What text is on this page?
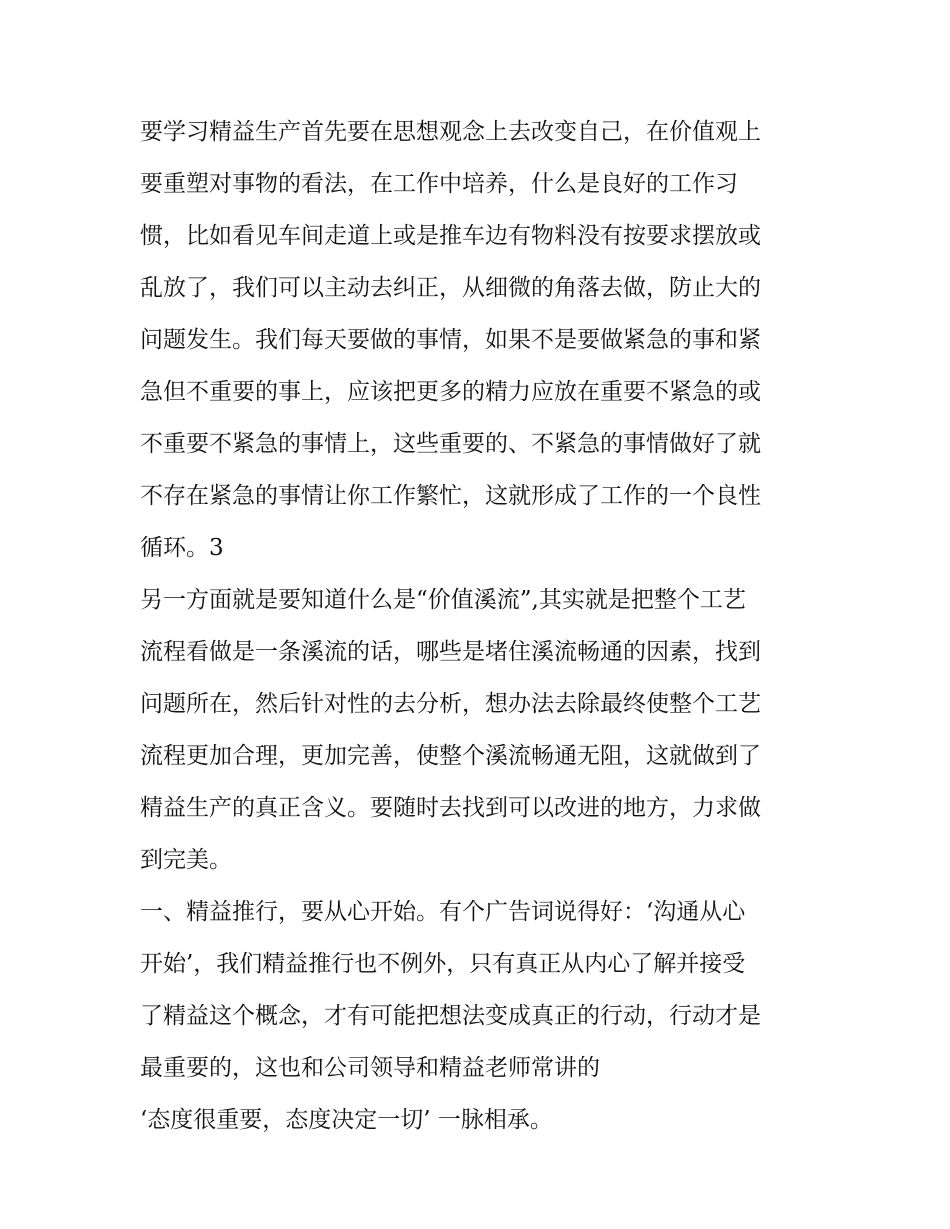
要学习精益生产首先要在思想观念上去改变自己，在价值观上
要重塑对事物的看法，在工作中培养，什么是良好的工作习
惯，比如看见车间走道上或是推车边有物料没有按要求摆放或
乱放了，我们可以主动去纠正，从细微的角落去做，防止大的
问题发生。我们每天要做的事情，如果不是要做紧急的事和紧
急但不重要的事上，应该把更多的精力应放在重要不紧急的或
不重要不紧急的事情上，这些重要的、不紧急的事情做好了就
不存在紧急的事情让你工作繁忙，这就形成了工作的一个良性
循环。3
另一方面就是要知道什么是“价值溪流”,其实就是把整个工艺
流程看做是一条溪流的话，哪些是堵住溪流畅通的因素，找到
问题所在，然后针对性的去分析，想办法去除最终使整个工艺
流程更加合理，更加完善，使整个溪流畅通无阻，这就做到了
精益生产的真正含义。要随时去找到可以改进的地方，力求做
到完美。
一、精益推行，要从心开始。有个广告词说得好：‘沟通从心
开始’，我们精益推行也不例外，只有真正从内心了解并接受
了精益这个概念，才有可能把想法变成真正的行动，行动才是
最重要的，这也和公司领导和精益老师常讲的
‘态度很重要，态度决定一切’ 一脉相承。
